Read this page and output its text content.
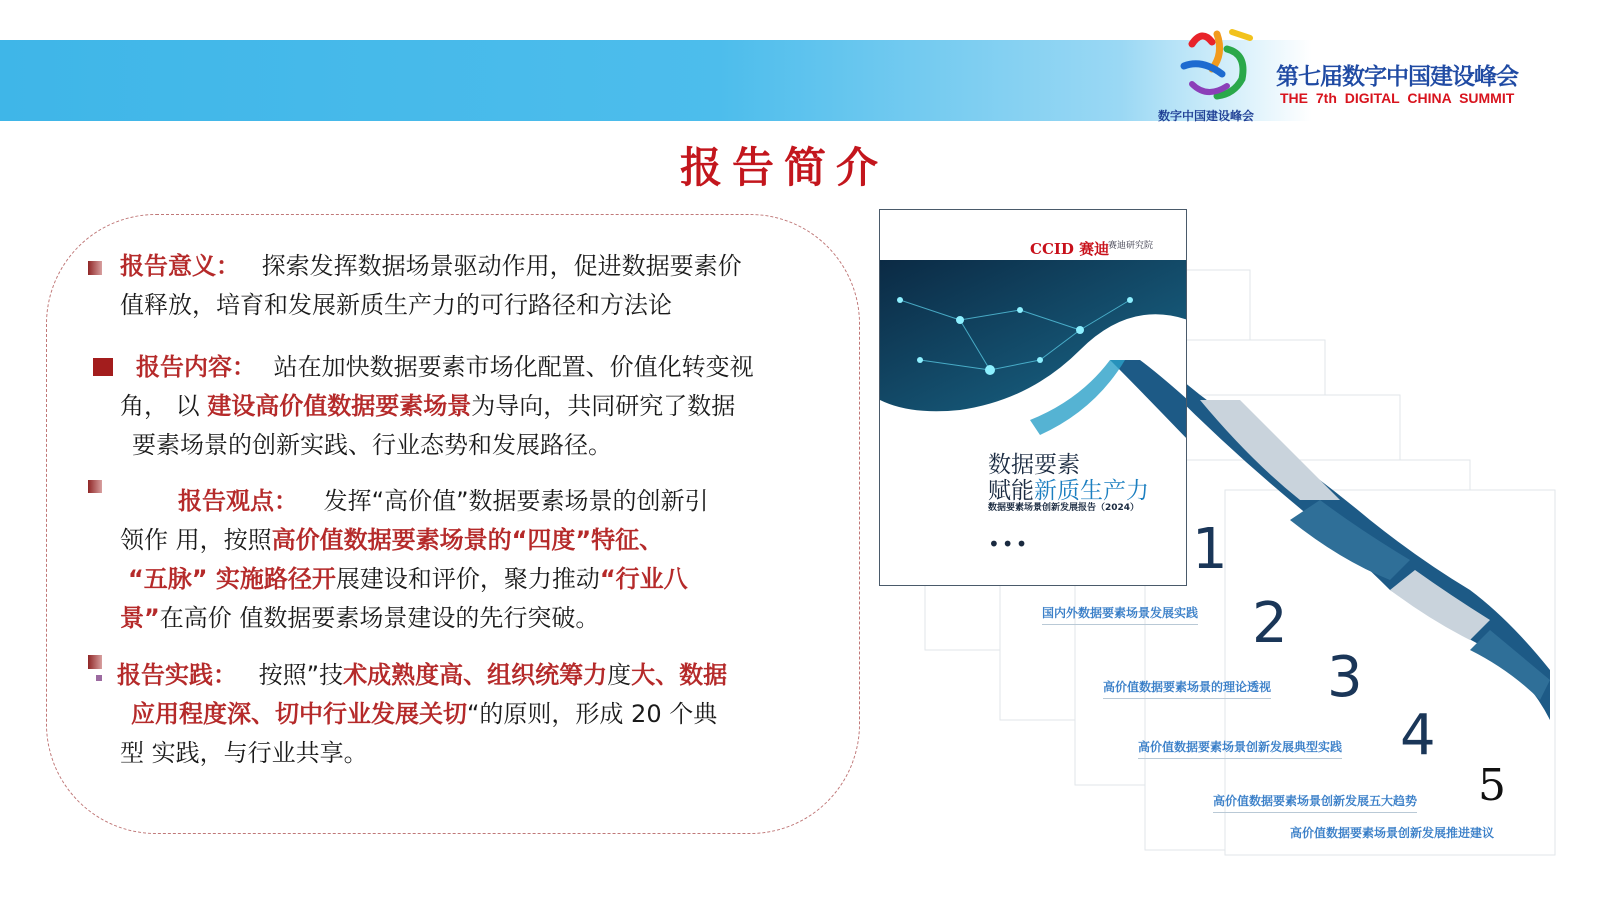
数字中国建设峰会
第七届数字中国建设峰会
THE 7th DIGITAL CHINA SUMMIT
报告简介
报告意义： 探索发挥数据场景驱动作用，促进数据要素价
值释放，培育和发展新质生产力的可行路径和方法论
报告内容： 站在加快数据要素市场化配置、价值化转变视
角， 以 建设高价值数据要素场景为导向，共同研究了数据
要素场景的创新实践、行业态势和发展路径。
报告观点： 发挥“高价值”数据要素场景的创新引
领作 用，按照高价值数据要素场景的“四度”特征、
“五脉” 实施路径开展建设和评价，聚力推动“行业八
景”在高价 值数据要素场景建设的先行突破。
报告实践： 按照”技术成熟度高、组织统筹力度大、数据
应用程度深、切中行业发展关切“的原则，形成 20 个典
型 实践，与行业共享。
CCID 赛迪
赛迪研究院
数据要素
赋能新质生产力
数据要素场景创新发展报告（2024）
•••	1
国内外数据要素场景发展实践 2
高价值数据要素场景的理论透视 3
高价值数据要素场景创新发展典型实践 4
高价值数据要素场景创新发展五大趋势 5
高价值数据要素场景创新发展推进建议
